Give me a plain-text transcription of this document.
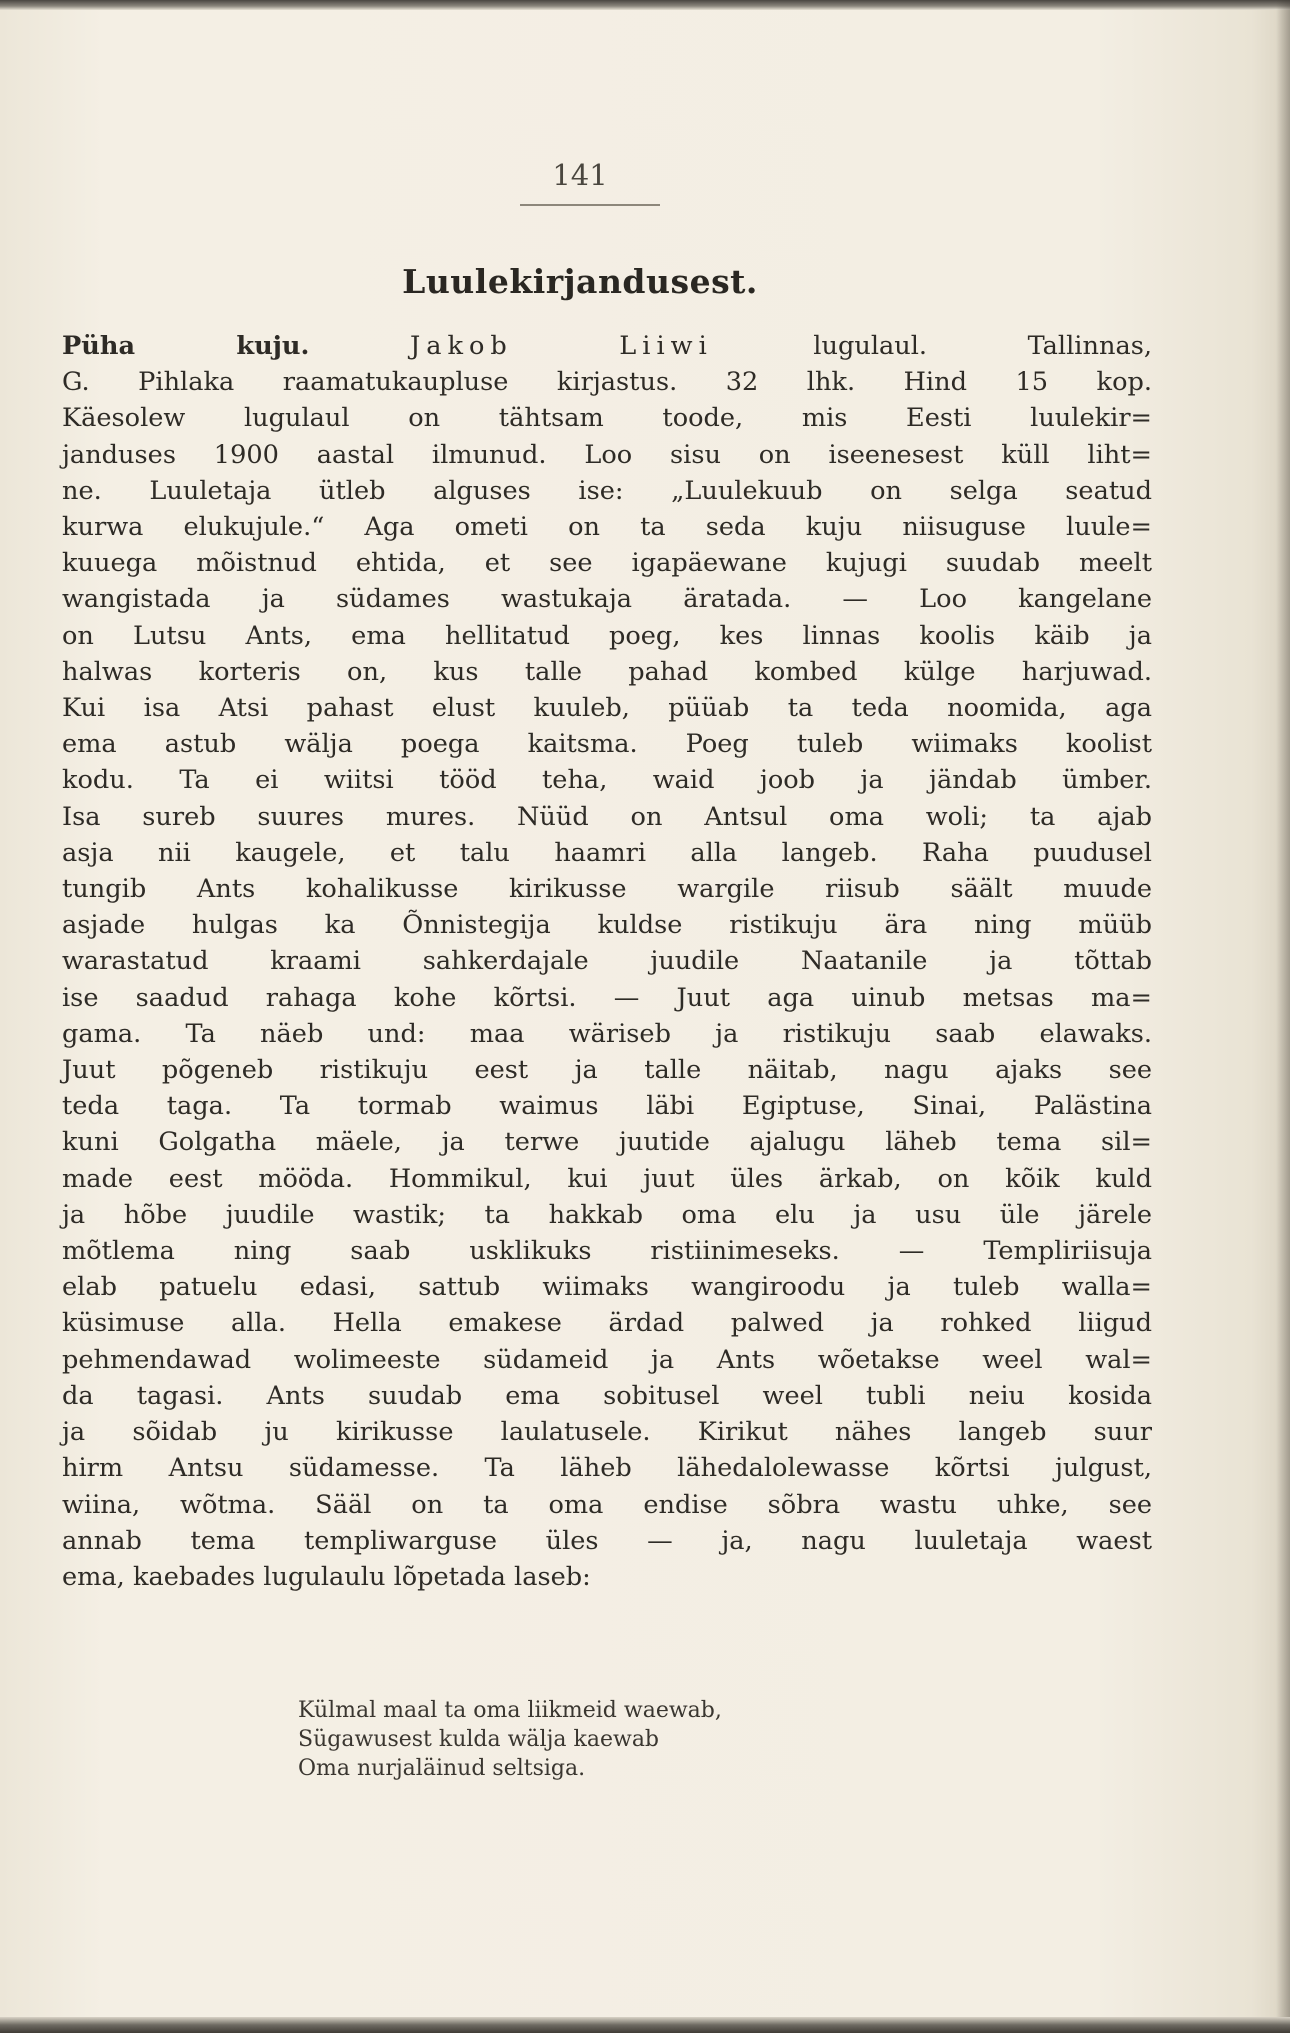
141
Luulekirjandusest.
Püha kuju.	Jakob Liiwi	lugulaul. Tallinnas,
G. Pihlaka raamatukaupluse kirjastus. 32 lhk. Hind 15 kop.
Käesolew lugulaul on tähtsam toode, mis Eesti luulekir=
janduses 1900 aastal ilmunud. Loo sisu on iseenesest küll liht=
ne. Luuletaja ütleb alguses ise: „Luulekuub on selga seatud
kurwa elukujule.“ Aga ometi on ta seda kuju niisuguse luule=
kuuega mõistnud ehtida, et see igapäewane kujugi suudab meelt
wangistada ja südames wastukaja äratada. — Loo kangelane
on Lutsu Ants, ema hellitatud poeg, kes linnas koolis käib ja
halwas korteris on, kus talle pahad kombed külge harjuwad.
Kui isa Atsi pahast elust kuuleb, püüab ta teda noomida, aga
ema astub wälja poega kaitsma. Poeg tuleb wiimaks koolist
kodu. Ta ei wiitsi tööd teha, waid joob ja jändab ümber.
Isa sureb suures mures. Nüüd on Antsul oma woli; ta ajab
asja nii kaugele, et talu haamri alla langeb. Raha puudusel
tungib Ants kohalikusse kirikusse wargile riisub säält muude
asjade hulgas ka Õnnistegija kuldse ristikuju ära ning müüb
warastatud kraami sahkerdajale juudile Naatanile ja tõttab
ise saadud rahaga kohe kõrtsi. — Juut aga uinub metsas ma=
gama. Ta näeb und: maa wäriseb ja ristikuju saab elawaks.
Juut põgeneb ristikuju eest ja talle näitab, nagu ajaks see
teda taga. Ta tormab waimus läbi Egiptuse, Sinai, Palästina
kuni Golgatha mäele, ja terwe juutide ajalugu läheb tema sil=
made eest mööda. Hommikul, kui juut üles ärkab, on kõik kuld
ja hõbe juudile wastik; ta hakkab oma elu ja usu üle järele
mõtlema ning saab usklikuks ristiinimeseks. — Templiriisuja
elab patuelu edasi, sattub wiimaks wangiroodu ja tuleb walla=
küsimuse alla. Hella emakese ärdad palwed ja rohked liigud
pehmendawad wolimeeste südameid ja Ants wõetakse weel wal=
da tagasi. Ants suudab ema sobitusel weel tubli neiu kosida
ja sõidab ju kirikusse laulatusele. Kirikut nähes langeb suur
hirm Antsu südamesse. Ta läheb lähedalolewasse kõrtsi julgust,
wiina, wõtma. Sääl on ta oma endise sõbra wastu uhke, see
annab tema templiwarguse üles — ja, nagu luuletaja waest
ema, kaebades lugulaulu lõpetada laseb:
Külmal maal ta oma liikmeid waewab,
Sügawusest kulda wälja kaewab
Oma nurjaläinud seltsiga.
